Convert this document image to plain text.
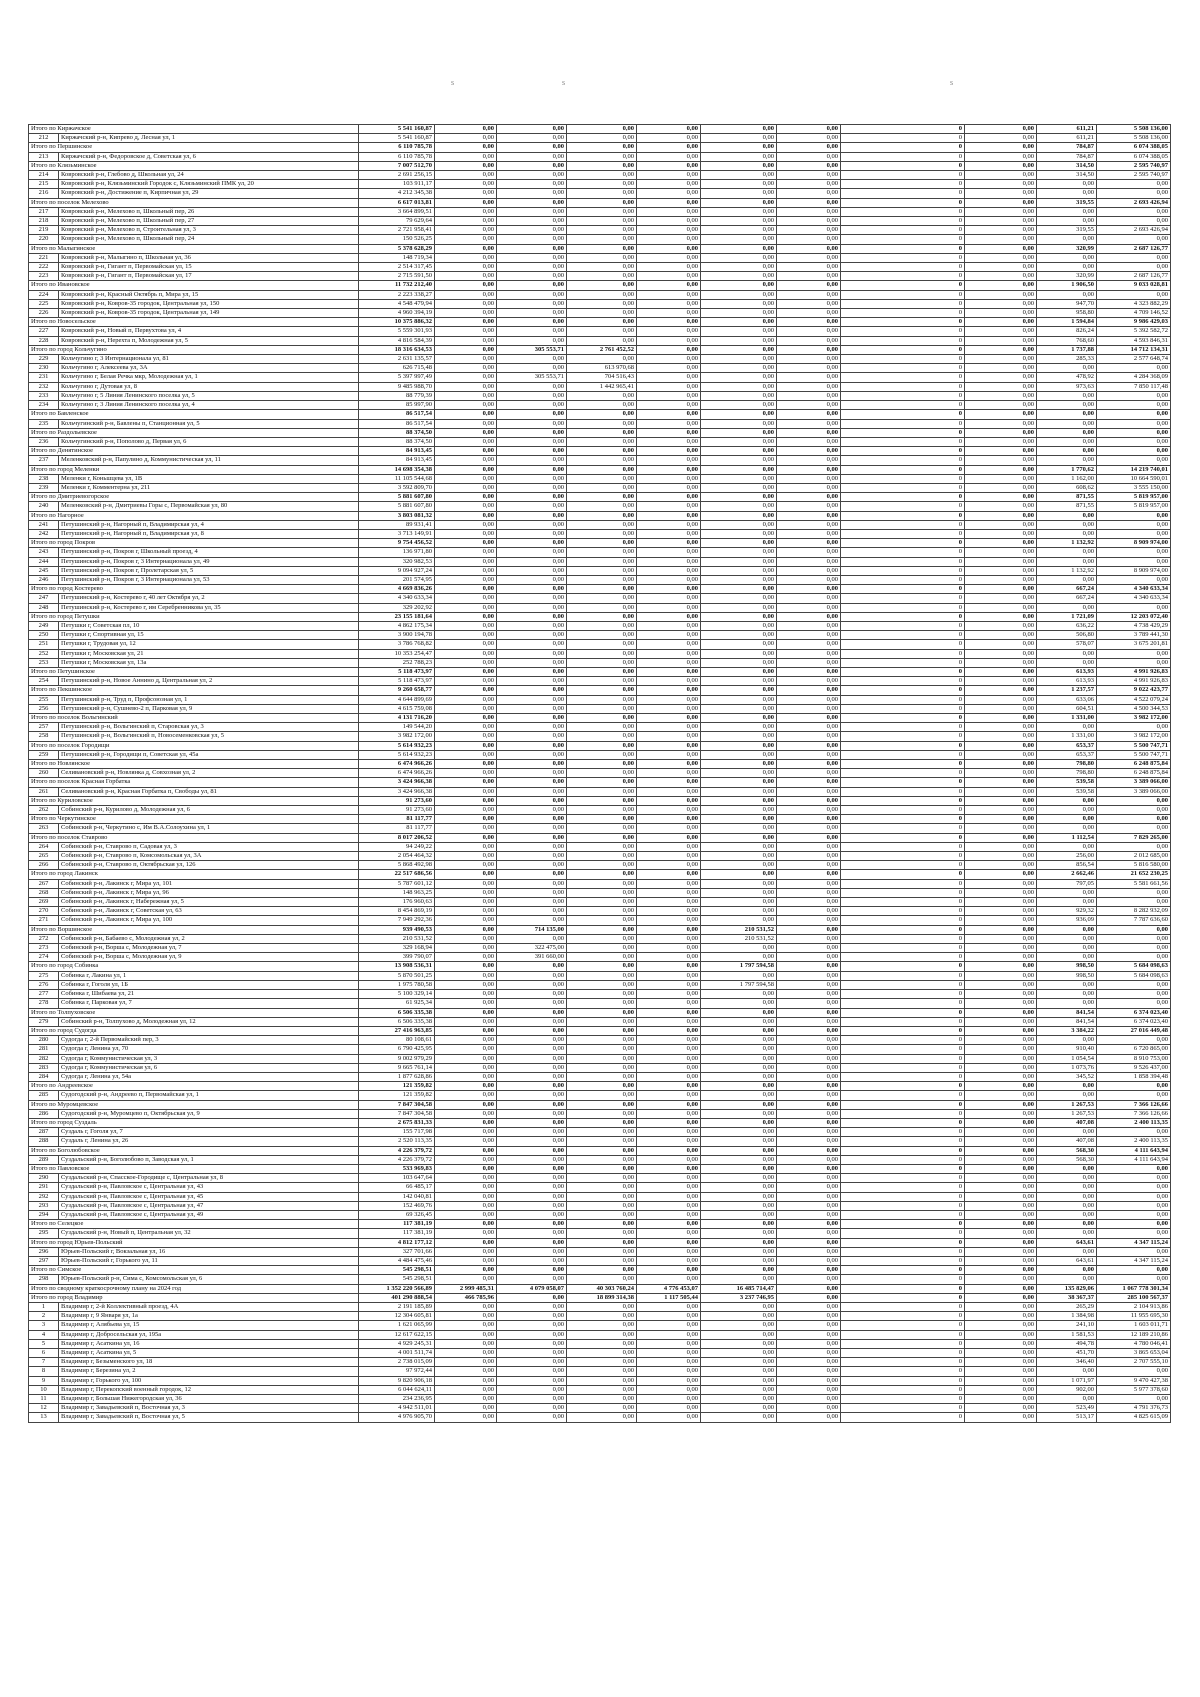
s	s	s
Итого по Киржачское		5 541 160,87	0,00	0,00	0,00	0,00	0,00	0,00	0	0,00	611,21	5 508 136,00
212	Киржачский р-н, Кипрево д, Лесная ул, 1	5 541 160,87	0,00	0,00	0,00	0,00	0,00	0,00	0	0,00	611,21	5 508 136,00
Итого по Першинское		6 110 785,78	0,00	0,00	0,00	0,00	0,00	0,00	0	0,00	784,87	6 074 388,05
213	Киржачский р-н, Федоровское д, Советская ул, 6	6 110 785,78	0,00	0,00	0,00	0,00	0,00	0,00	0	0,00	784,87	6 074 388,05
Итого по Клязьминское		7 007 512,70	0,00	0,00	0,00	0,00	0,00	0,00	0	0,00	314,50	2 595 740,97
214	Ковровский р-н, Глебово д, Школьная ул, 24	2 691 256,15	0,00	0,00	0,00	0,00	0,00	0,00	0	0,00	314,50	2 595 740,97
215	Ковровский р-н, Клязьминский Городок с, Клязьминский ПМК ул, 20	103 911,17	0,00	0,00	0,00	0,00	0,00	0,00	0	0,00	0,00	0,00
216	Ковровский р-н, Достижение п, Кирпичная ул, 29	4 212 345,38	0,00	0,00	0,00	0,00	0,00	0,00	0	0,00	0,00	0,00
Итого по поселок Мелехово		6 617 013,81	0,00	0,00	0,00	0,00	0,00	0,00	0	0,00	319,55	2 693 426,94
217	Ковровский р-н, Мелехово п, Школьный пер, 26	3 664 899,51	0,00	0,00	0,00	0,00	0,00	0,00	0	0,00	0,00	0,00
218	Ковровский р-н, Мелехово п, Школьный пер, 27	79 629,64	0,00	0,00	0,00	0,00	0,00	0,00	0	0,00	0,00	0,00
219	Ковровский р-н, Мелехово п, Строительная ул, 3	2 721 958,41	0,00	0,00	0,00	0,00	0,00	0,00	0	0,00	319,55	2 693 426,94
220	Ковровский р-н, Мелехово п, Школьный пер, 24	150 526,25	0,00	0,00	0,00	0,00	0,00	0,00	0	0,00	0,00	0,00
Итого по Малыгинское		5 378 628,29	0,00	0,00	0,00	0,00	0,00	0,00	0	0,00	320,99	2 687 126,77
221	Ковровский р-н, Малыгино п, Школьная ул, 36	148 719,34	0,00	0,00	0,00	0,00	0,00	0,00	0	0,00	0,00	0,00
222	Ковровский р-н, Гигант п, Первомайская ул, 15	2 514 317,45	0,00	0,00	0,00	0,00	0,00	0,00	0	0,00	0,00	0,00
223	Ковровский р-н, Гигант п, Первомайская ул, 17	2 715 591,50	0,00	0,00	0,00	0,00	0,00	0,00	0	0,00	320,99	2 687 126,77
Итого по Ивановское		11 732 212,40	0,00	0,00	0,00	0,00	0,00	0,00	0	0,00	1 906,50	9 033 028,81
224	Ковровский р-н, Красный Октябрь п, Мира ул, 15	2 223 338,27	0,00	0,00	0,00	0,00	0,00	0,00	0	0,00	0,00	0,00
225	Ковровский р-н, Ковров-35 городок, Центральная ул, 150	4 548 479,94	0,00	0,00	0,00	0,00	0,00	0,00	0	0,00	947,70	4 323 882,29
226	Ковровский р-н, Ковров-35 городок, Центральная ул, 149	4 960 394,19	0,00	0,00	0,00	0,00	0,00	0,00	0	0,00	958,80	4 709 146,52
Итого по Новосельское		10 375 886,32	0,00	0,00	0,00	0,00	0,00	0,00	0	0,00	1 594,84	9 986 429,03
227	Ковровский р-н, Новый п, Первухтова ул, 4	5 559 301,93	0,00	0,00	0,00	0,00	0,00	0,00	0	0,00	826,24	5 392 582,72
228	Ковровский р-н, Нерехта п, Молодежная ул, 5	4 816 584,39	0,00	0,00	0,00	0,00	0,00	0,00	0	0,00	768,60	4 593 846,31
Итого по город Кольчугино		18 316 634,53	0,00	305 553,71	2 761 452,52	0,00	0,00	0,00	0	0,00	1 737,88	14 712 134,31
229	Кольчугино г, 3 Интернационала ул, 81	2 631 135,57	0,00	0,00	0,00	0,00	0,00	0,00	0	0,00	285,33	2 577 648,74
230	Кольчугино г, Алексеева ул, 3А	626 715,48	0,00	0,00	613 970,68	0,00	0,00	0,00	0	0,00	0,00	0,00
231	Кольчугино г, Белая Речка мкр, Молодежная ул, 1	5 397 997,49	0,00	305 553,71	704 516,43	0,00	0,00	0,00	0	0,00	478,92	4 284 368,09
232	Кольчугино г, Дутовая ул, 8	9 485 988,70	0,00	0,00	1 442 965,41	0,00	0,00	0,00	0	0,00	973,63	7 850 117,48
233	Кольчугино г, 5 Линия Ленинского поселка ул, 5	88 779,39	0,00	0,00	0,00	0,00	0,00	0,00	0	0,00	0,00	0,00
234	Кольчугино г, 3 Линия Ленинского поселка ул, 4	85 997,90	0,00	0,00	0,00	0,00	0,00	0,00	0	0,00	0,00	0,00
Итого по Бавленское		86 517,54	0,00	0,00	0,00	0,00	0,00	0,00	0	0,00	0,00	0,00
235	Кольчугинский р-н, Бавлены п, Станционная ул, 5	86 517,54	0,00	0,00	0,00	0,00	0,00	0,00	0	0,00	0,00	0,00
Итого по Раздольевское		88 374,50	0,00	0,00	0,00	0,00	0,00	0,00	0	0,00	0,00	0,00
236	Кольчугинский р-н, Пополово д, Первая ул, 6	88 374,50	0,00	0,00	0,00	0,00	0,00	0,00	0	0,00	0,00	0,00
Итого по Денятинское		84 913,45	0,00	0,00	0,00	0,00	0,00	0,00	0	0,00	0,00	0,00
237	Меленковский р-н, Папулино д, Коммунистическая ул, 11	84 913,45	0,00	0,00	0,00	0,00	0,00	0,00	0	0,00	0,00	0,00
Итого по город Меленки		14 698 354,38	0,00	0,00	0,00	0,00	0,00	0,00	0	0,00	1 770,62	14 219 740,01
238	Меленки г, Коньшцева ул, 1В	11 105 544,68	0,00	0,00	0,00	0,00	0,00	0,00	0	0,00	1 162,00	10 664 590,01
239	Меленки г, Комментерна ул, 211	3 592 809,70	0,00	0,00	0,00	0,00	0,00	0,00	0	0,00	608,62	3 555 150,00
Итого по Дмитриевогорское		5 881 607,80	0,00	0,00	0,00	0,00	0,00	0,00	0	0,00	871,55	5 819 957,00
240	Меленковский р-н, Дмитриевы Горы с, Первомайская ул, 80	5 881 607,80	0,00	0,00	0,00	0,00	0,00	0,00	0	0,00	871,55	5 819 957,00
Итого по Нагорное		3 803 081,32	0,00	0,00	0,00	0,00	0,00	0,00	0	0,00	0,00	0,00
241	Петушинский р-н, Нагорный п, Владимирская ул, 4	89 931,41	0,00	0,00	0,00	0,00	0,00	0,00	0	0,00	0,00	0,00
242	Петушинский р-н, Нагорный п, Владимирская ул, 8	3 713 149,91	0,00	0,00	0,00	0,00	0,00	0,00	0	0,00	0,00	0,00
Итого по город Покров		9 754 456,52	0,00	0,00	0,00	0,00	0,00	0,00	0	0,00	1 132,92	8 909 974,00
243	Петушинский р-н, Покров г, Школьный проезд, 4	136 971,80	0,00	0,00	0,00	0,00	0,00	0,00	0	0,00	0,00	0,00
244	Петушинский р-н, Покров г, 3 Интернационала ул, 49	320 982,53	0,00	0,00	0,00	0,00	0,00	0,00	0	0,00	0,00	0,00
245	Петушинский р-н, Покров г, Пролетарская ул, 5	9 094 927,24	0,00	0,00	0,00	0,00	0,00	0,00	0	0,00	1 132,92	8 909 974,00
246	Петушинский р-н, Покров г, 3 Интернационала ул, 53	201 574,95	0,00	0,00	0,00	0,00	0,00	0,00	0	0,00	0,00	0,00
Итого по город Костерево		4 669 836,26	0,00	0,00	0,00	0,00	0,00	0,00	0	0,00	667,24	4 340 633,34
247	Петушинский р-н, Костерево г, 40 лет Октября ул, 2	4 340 633,34	0,00	0,00	0,00	0,00	0,00	0,00	0	0,00	667,24	4 340 633,34
248	Петушинский р-н, Костерево г, им Серебренникова ул, 35	329 202,92	0,00	0,00	0,00	0,00	0,00	0,00	0	0,00	0,00	0,00
Итого по город Петушки		23 155 181,64	0,00	0,00	0,00	0,00	0,00	0,00	0	0,00	1 721,09	12 203 072,40
249	Петушки г, Советская пл, 10	4 862 175,34	0,00	0,00	0,00	0,00	0,00	0,00	0	0,00	636,22	4 738 429,29
250	Петушки г, Спортивная ул, 15	3 900 194,78	0,00	0,00	0,00	0,00	0,00	0,00	0	0,00	506,80	3 789 441,30
251	Петушки г, Трудовая ул, 12	3 786 768,82	0,00	0,00	0,00	0,00	0,00	0,00	0	0,00	578,07	3 675 201,81
252	Петушки г, Московская ул, 21	10 353 254,47	0,00	0,00	0,00	0,00	0,00	0,00	0	0,00	0,00	0,00
253	Петушки г, Московская ул, 13а	252 788,23	0,00	0,00	0,00	0,00	0,00	0,00	0	0,00	0,00	0,00
Итого по Петушинское		5 118 473,97	0,00	0,00	0,00	0,00	0,00	0,00	0	0,00	613,93	4 991 926,83
254	Петушинский р-н, Новое Аннино д, Центральная ул, 2	5 118 473,97	0,00	0,00	0,00	0,00	0,00	0,00	0	0,00	613,93	4 991 926,83
Итого по Пекшинское		9 260 658,77	0,00	0,00	0,00	0,00	0,00	0,00	0	0,00	1 237,57	9 022 423,77
255	Петушинский р-н, Труд п, Профсоюзная ул, 1	4 644 899,69	0,00	0,00	0,00	0,00	0,00	0,00	0	0,00	633,06	4 522 079,24
256	Петушинский р-н, Сушнево-2 п, Парковая ул, 9	4 615 759,08	0,00	0,00	0,00	0,00	0,00	0,00	0	0,00	604,51	4 500 344,53
Итого по поселок Вольгинский		4 131 716,20	0,00	0,00	0,00	0,00	0,00	0,00	0	0,00	1 331,00	3 982 172,00
257	Петушинский р-н, Вольгинский п, Старовская ул, 3	149 544,20	0,00	0,00	0,00	0,00	0,00	0,00	0	0,00	0,00	0,00
258	Петушинский р-н, Вольгинский п, Новосеменковская ул, 5	3 982 172,00	0,00	0,00	0,00	0,00	0,00	0,00	0	0,00	1 331,00	3 982 172,00
Итого по поселок Городищи		5 614 932,23	0,00	0,00	0,00	0,00	0,00	0,00	0	0,00	653,37	5 500 747,71
259	Петушинский р-н, Городищи п, Советская ул, 45а	5 614 932,23	0,00	0,00	0,00	0,00	0,00	0,00	0	0,00	653,37	5 500 747,71
Итого по Новлянское		6 474 966,26	0,00	0,00	0,00	0,00	0,00	0,00	0	0,00	798,80	6 248 875,84
260	Селивановский р-н, Новлянка д, Совхозная ул, 2	6 474 966,26	0,00	0,00	0,00	0,00	0,00	0,00	0	0,00	798,80	6 248 875,84
Итого по поселок Красная Горбатка		3 424 966,38	0,00	0,00	0,00	0,00	0,00	0,00	0	0,00	539,58	3 389 066,00
261	Селивановский р-н, Красная Горбатка п, Свободы ул, 81	3 424 966,38	0,00	0,00	0,00	0,00	0,00	0,00	0	0,00	539,58	3 389 066,00
Итого по Куриловское		91 273,60	0,00	0,00	0,00	0,00	0,00	0,00	0	0,00	0,00	0,00
262	Собинский р-н, Курилово д, Молодежная ул, 6	91 273,60	0,00	0,00	0,00	0,00	0,00	0,00	0	0,00	0,00	0,00
Итого по Черкутинское		81 117,77	0,00	0,00	0,00	0,00	0,00	0,00	0	0,00	0,00	0,00
263	Собинский р-н, Черкутино с, Им В.А.Солоухина ул, 1	81 117,77	0,00	0,00	0,00	0,00	0,00	0,00	0	0,00	0,00	0,00
Итого по поселок Ставрово		8 017 206,52	0,00	0,00	0,00	0,00	0,00	0,00	0	0,00	1 112,54	7 829 265,00
264	Собинский р-н, Ставрово п, Садовая ул, 3	94 249,22	0,00	0,00	0,00	0,00	0,00	0,00	0	0,00	0,00	0,00
265	Собинский р-н, Ставрово п, Комсомольская ул, 3А	2 054 464,32	0,00	0,00	0,00	0,00	0,00	0,00	0	0,00	256,00	2 012 685,00
266	Собинский р-н, Ставрово п, Октябрьская ул, 126	5 868 492,98	0,00	0,00	0,00	0,00	0,00	0,00	0	0,00	856,54	5 816 580,00
Итого по город Лакинск		22 517 686,56	0,00	0,00	0,00	0,00	0,00	0,00	0	0,00	2 662,46	21 652 230,25
267	Собинский р-н, Лакинск г, Мира ул, 101	5 787 601,12	0,00	0,00	0,00	0,00	0,00	0,00	0	0,00	797,05	5 581 661,56
268	Собинский р-н, Лакинск г, Мира ул, 96	148 963,25	0,00	0,00	0,00	0,00	0,00	0,00	0	0,00	0,00	0,00
269	Собинский р-н, Лакинск г, Набережная ул, 5	176 960,63	0,00	0,00	0,00	0,00	0,00	0,00	0	0,00	0,00	0,00
270	Собинский р-н, Лакинск г, Советская ул, 63	8 454 869,19	0,00	0,00	0,00	0,00	0,00	0,00	0	0,00	929,32	8 282 932,09
271	Собинский р-н, Лакинск г, Мира ул, 100	7 949 292,36	0,00	0,00	0,00	0,00	0,00	0,00	0	0,00	936,09	7 787 636,60
Итого по Воршинское		939 490,53	0,00	714 135,00	0,00	0,00	210 531,52	0,00	0	0,00	0,00	0,00
272	Собинский р-н, Бабаево с, Молодежная ул, 2	210 531,52	0,00	0,00	0,00	0,00	210 531,52	0,00	0	0,00	0,00	0,00
273	Собинский р-н, Ворша с, Молодежная ул, 7	329 168,94	0,00	322 475,00	0,00	0,00	0,00	0,00	0	0,00	0,00	0,00
274	Собинский р-н, Ворша с, Молодежная ул, 9	399 790,07	0,00	391 660,00	0,00	0,00	0,00	0,00	0	0,00	0,00	0,00
Итого по город Собинка		13 908 536,31	0,00	0,00	0,00	0,00	1 797 594,58	0,00	0	0,00	998,50	5 684 098,63
275	Собинка г, Лакина ул, 1	5 870 501,25	0,00	0,00	0,00	0,00	0,00	0,00	0	0,00	998,50	5 684 098,63
276	Собинка г, Гоголя ул, 1Б	1 975 780,58	0,00	0,00	0,00	0,00	1 797 594,58	0,00	0	0,00	0,00	0,00
277	Собинка г, Шибаева ул, 21	5 100 329,14	0,00	0,00	0,00	0,00	0,00	0,00	0	0,00	0,00	0,00
278	Собинка г, Парковая ул, 7	61 925,34	0,00	0,00	0,00	0,00	0,00	0,00	0	0,00	0,00	0,00
Итого по Толпуховское		6 506 335,38	0,00	0,00	0,00	0,00	0,00	0,00	0	0,00	841,54	6 374 023,40
279	Собинский р-н, Толпухово д, Молодежная ул, 12	6 506 335,38	0,00	0,00	0,00	0,00	0,00	0,00	0	0,00	841,54	6 374 023,40
Итого по город Судогда		27 416 963,85	0,00	0,00	0,00	0,00	0,00	0,00	0	0,00	3 384,22	27 016 449,48
280	Судогда г, 2-й Первомайский пер, 3	80 108,61	0,00	0,00	0,00	0,00	0,00	0,00	0	0,00	0,00	0,00
281	Судогда г, Ленина ул, 70	6 790 425,95	0,00	0,00	0,00	0,00	0,00	0,00	0	0,00	910,40	6 720 865,00
282	Судогда г, Коммунистическая ул, 3	9 002 979,29	0,00	0,00	0,00	0,00	0,00	0,00	0	0,00	1 054,54	8 910 753,00
283	Судогда г, Коммунистическая ул, 6	9 665 761,14	0,00	0,00	0,00	0,00	0,00	0,00	0	0,00	1 073,76	9 526 437,00
284	Судогда г, Ленина ул, 54а	1 877 628,86	0,00	0,00	0,00	0,00	0,00	0,00	0	0,00	345,52	1 858 394,48
Итого по Андреевское		121 359,82	0,00	0,00	0,00	0,00	0,00	0,00	0	0,00	0,00	0,00
285	Судогодский р-н, Андреево п, Первомайская ул, 1	121 359,82	0,00	0,00	0,00	0,00	0,00	0,00	0	0,00	0,00	0,00
Итого по Муромцевское		7 847 304,58	0,00	0,00	0,00	0,00	0,00	0,00	0	0,00	1 267,53	7 366 126,66
286	Судогодский р-н, Муромцево п, Октябрьская ул, 9	7 847 304,58	0,00	0,00	0,00	0,00	0,00	0,00	0	0,00	1 267,53	7 366 126,66
Итого по город Суздаль		2 675 831,33	0,00	0,00	0,00	0,00	0,00	0,00	0	0,00	407,08	2 400 113,35
287	Суздаль г, Гоголя ул, 7	155 717,98	0,00	0,00	0,00	0,00	0,00	0,00	0	0,00	0,00	0,00
288	Суздаль г, Ленина ул, 26	2 520 113,35	0,00	0,00	0,00	0,00	0,00	0,00	0	0,00	407,08	2 400 113,35
Итого по Боголюбовское		4 226 379,72	0,00	0,00	0,00	0,00	0,00	0,00	0	0,00	568,30	4 111 643,94
289	Суздальский р-н, Боголюбово п, Заводская ул, 1	4 226 379,72	0,00	0,00	0,00	0,00	0,00	0,00	0	0,00	568,30	4 111 643,94
Итого по Павловское		533 969,83	0,00	0,00	0,00	0,00	0,00	0,00	0	0,00	0,00	0,00
290	Суздальский р-н, Спасское-Городище с, Центральная ул, 8	103 647,64	0,00	0,00	0,00	0,00	0,00	0,00	0	0,00	0,00	0,00
291	Суздальский р-н, Павловское с, Центральная ул, 43	66 485,17	0,00	0,00	0,00	0,00	0,00	0,00	0	0,00	0,00	0,00
292	Суздальский р-н, Павловское с, Центральная ул, 45	142 040,81	0,00	0,00	0,00	0,00	0,00	0,00	0	0,00	0,00	0,00
293	Суздальский р-н, Павловское с, Центральная ул, 47	152 469,76	0,00	0,00	0,00	0,00	0,00	0,00	0	0,00	0,00	0,00
294	Суздальский р-н, Павловское с, Центральная ул, 49	69 326,45	0,00	0,00	0,00	0,00	0,00	0,00	0	0,00	0,00	0,00
Итого по Селецкое		117 381,19	0,00	0,00	0,00	0,00	0,00	0,00	0	0,00	0,00	0,00
295	Суздальский р-н, Новый п, Центральная ул, 32	117 381,19	0,00	0,00	0,00	0,00	0,00	0,00	0	0,00	0,00	0,00
Итого по город Юрьев-Польский		4 812 177,12	0,00	0,00	0,00	0,00	0,00	0,00	0	0,00	643,61	4 347 115,24
296	Юрьев-Польский г, Вокзальная ул, 16	327 701,66	0,00	0,00	0,00	0,00	0,00	0,00	0	0,00	0,00	0,00
297	Юрьев-Польский г, Горького ул, 11	4 484 475,46	0,00	0,00	0,00	0,00	0,00	0,00	0	0,00	643,61	4 347 115,24
Итого по Симское		545 298,51	0,00	0,00	0,00	0,00	0,00	0,00	0	0,00	0,00	0,00
298	Юрьев-Польский р-н, Сима с, Комсомольская ул, 6	545 298,51	0,00	0,00	0,00	0,00	0,00	0,00	0	0,00	0,00	0,00
Итого по сводному краткосрочному плану на 2024 год		1 352 220 566,89	2 999 485,31	4 079 058,07	40 303 760,24	4 776 453,07	16 485 714,47	0,00	0	0,00	135 829,06	1 067 778 301,34
Итого по город Владимир		401 290 888,54	466 785,96	0,00	18 899 314,38	1 117 505,44	3 237 746,95	0,00	0	0,00	38 367,37	285 100 567,37
1	Владимир г, 2-й Коллективный проезд, 4А	2 191 185,89	0,00	0,00	0,00	0,00	0,00	0,00	0	0,00	265,29	2 104 913,86
2	Владимир г, 9 Января ул, 1а	12 304 605,81	0,00	0,00	0,00	0,00	0,00	0,00	0	0,00	1 384,98	11 955 695,30
3	Владимир г, Алябьева ул, 15	1 621 065,99	0,00	0,00	0,00	0,00	0,00	0,00	0	0,00	241,10	1 603 011,71
4	Владимир г, Добросельская ул, 195а	12 617 622,15	0,00	0,00	0,00	0,00	0,00	0,00	0	0,00	1 581,53	12 189 210,86
5	Владимир г, Асаткина ул, 16	4 929 245,31	0,00	0,00	0,00	0,00	0,00	0,00	0	0,00	494,78	4 780 046,41
6	Владимир г, Асаткина ул, 5	4 001 511,74	0,00	0,00	0,00	0,00	0,00	0,00	0	0,00	451,70	3 865 653,04
7	Владимир г, Безыменского ул, 18	2 738 015,09	0,00	0,00	0,00	0,00	0,00	0,00	0	0,00	346,40	2 707 555,10
8	Владимир г, Березина ул, 2	97 972,44	0,00	0,00	0,00	0,00	0,00	0,00	0	0,00	0,00	0,00
9	Владимир г, Горького ул, 100	9 820 906,18	0,00	0,00	0,00	0,00	0,00	0,00	0	0,00	1 071,97	9 470 427,38
10	Владимир г, Перекопский военный городок, 12	6 044 624,11	0,00	0,00	0,00	0,00	0,00	0,00	0	0,00	902,00	5 977 378,60
11	Владимир г, Большая Нижегородская ул, 36	234 236,95	0,00	0,00	0,00	0,00	0,00	0,00	0	0,00	0,00	0,00
12	Владимир г, Завадьевский п, Восточная ул, 3	4 942 511,01	0,00	0,00	0,00	0,00	0,00	0,00	0	0,00	523,49	4 791 376,73
13	Владимир г, Завадьевский п, Восточная ул, 5	4 976 905,70	0,00	0,00	0,00	0,00	0,00	0,00	0	0,00	513,17	4 825 615,09
